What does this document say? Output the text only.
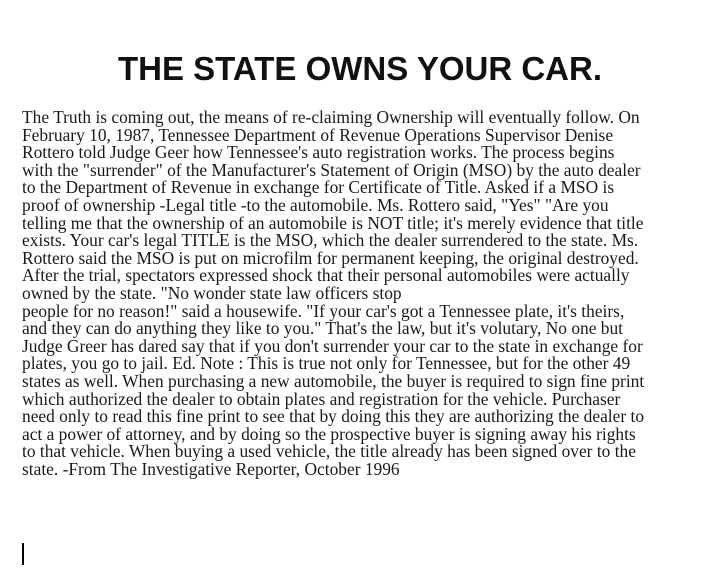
THE STATE OWNS YOUR CAR.
The Truth is coming out, the means of re-claiming Ownership will eventually follow. On
February 10, 1987, Tennessee Department of Revenue Operations Supervisor Denise
Rottero told Judge Geer how Tennessee's auto registration works. The process begins
with the "surrender" of the Manufacturer's Statement of Origin (MSO) by the auto dealer
to the Department of Revenue in exchange for Certificate of Title. Asked if a MSO is
proof of ownership -Legal title -to the automobile. Ms. Rottero said, "Yes" "Are you
telling me that the ownership of an automobile is NOT title; it's merely evidence that title
exists. Your car's legal TITLE is the MSO, which the dealer surrendered to the state. Ms.
Rottero said the MSO is put on microfilm for permanent keeping, the original destroyed.
After the trial, spectators expressed shock that their personal automobiles were actually
owned by the state. "No wonder state law officers stop
people for no reason!" said a housewife. "If your car's got a Tennessee plate, it's theirs,
and they can do anything they like to you." That's the law, but it's volutary, No one but
Judge Greer has dared say that if you don't surrender your car to the state in exchange for
plates, you go to jail. Ed. Note : This is true not only for Tennessee, but for the other 49
states as well. When purchasing a new automobile, the buyer is required to sign fine print
which authorized the dealer to obtain plates and registration for the vehicle. Purchaser
need only to read this fine print to see that by doing this they are authorizing the dealer to
act a power of attorney, and by doing so the prospective buyer is signing away his rights
to that vehicle. When buying a used vehicle, the title already has been signed over to the
state. -From The Investigative Reporter, October 1996
